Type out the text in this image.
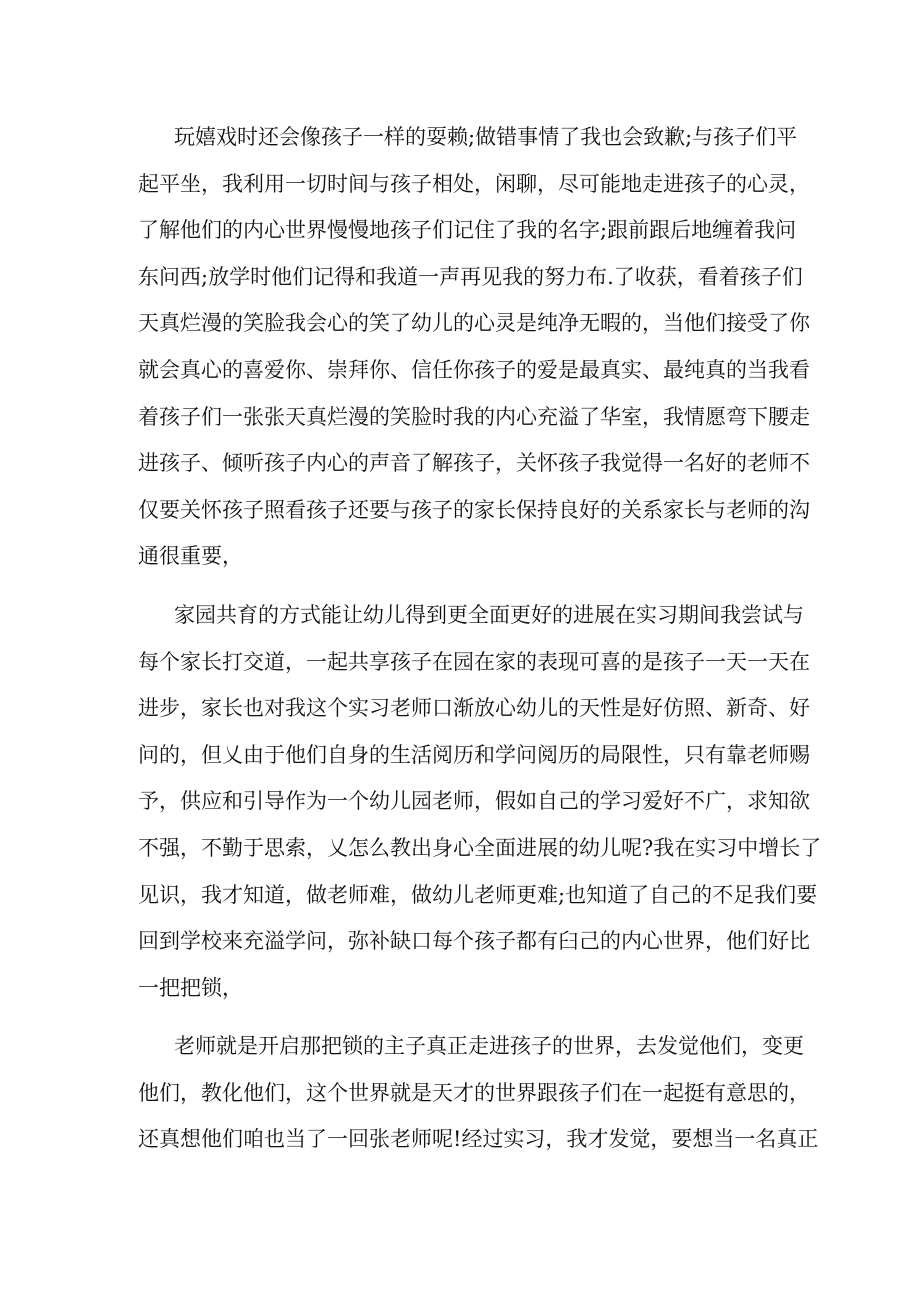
玩嬉戏时还会像孩子一样的耍赖;做错事情了我也会致歉;与孩子们平
起平坐，我利用一切时间与孩子相处，闲聊，尽可能地走进孩子的心灵，
了解他们的内心世界慢慢地孩子们记住了我的名字;跟前跟后地缠着我问
东问西;放学时他们记得和我道一声再见我的努力布.了收获，看着孩子们
天真烂漫的笑脸我会心的笑了幼儿的心灵是纯净无暇的，当他们接受了你
就会真心的喜爱你、崇拜你、信任你孩子的爱是最真实、最纯真的当我看
着孩子们一张张天真烂漫的笑脸时我的内心充溢了华室，我情愿弯下腰走
进孩子、倾听孩子内心的声音了解孩子，关怀孩子我觉得一名好的老师不
仅要关怀孩子照看孩子还要与孩子的家长保持良好的关系家长与老师的沟
通很重要，

家园共育的方式能让幼儿得到更全面更好的进展在实习期间我尝试与
每个家长打交道，一起共享孩子在园在家的表现可喜的是孩子一天一天在
进步，家长也对我这个实习老师口渐放心幼儿的天性是好仿照、新奇、好
问的，但乂由于他们自身的生活阅历和学问阅历的局限性，只有靠老师赐
予，供应和引导作为一个幼儿园老师，假如自己的学习爱好不广，求知欲
不强，不勤于思索，乂怎么教出身心全面进展的幼儿呢?我在实习中增长了
见识，我才知道，做老师难，做幼儿老师更难;也知道了自己的不足我们要
回到学校来充溢学问，弥补缺口每个孩子都有臼己的内心世界，他们好比
一把把锁，

老师就是开启那把锁的主子真正走进孩子的世界，去发觉他们，变更
他们，教化他们，这个世界就是天才的世界跟孩子们在一起挺有意思的，
还真想他们咱也当了一回张老师呢!经过实习，我才发觉，要想当一名真正
